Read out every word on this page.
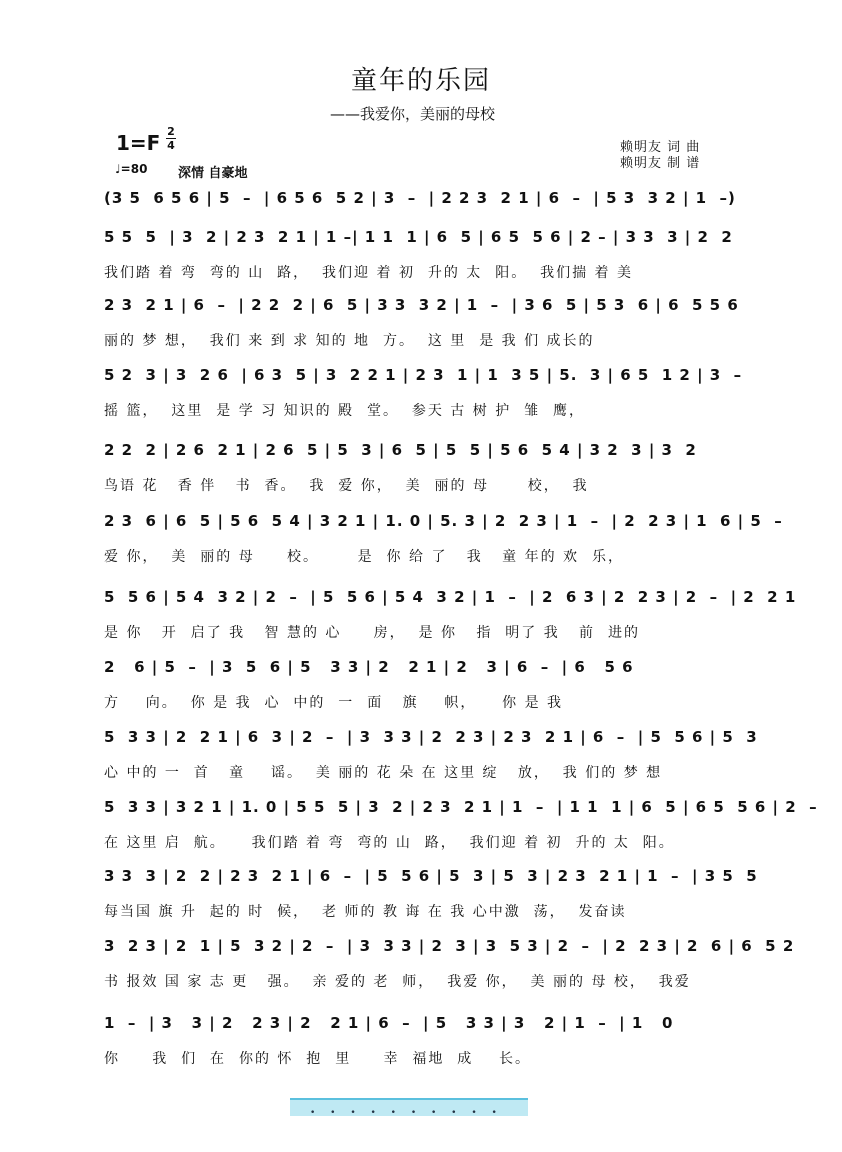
童年的乐园
——我爱你，美丽的母校
1=F 2
4
♩=80 深情 自豪地
赖明友 词 曲
赖明友 制 谱
(3 5  6 5 6 | 5  –  | 6 5 6  5 2 | 3  –  | 2 2 3  2 1 | 6  –  | 5 3  3 2 | 1  –)
5 5  5  | 3  2 | 2 3  2 1 | 1 –| 1 1  1 | 6  5 | 6 5  5 6 | 2 – | 3 3  3 | 2  2
我们踏 着 弯  弯的 山  路，  我们迎 着 初  升的 太  阳。  我们揣 着 美
2 3  2 1 | 6  –  | 2 2  2 | 6  5 | 3 3  3 2 | 1  –  | 3 6  5 | 5 3  6 | 6  5 5 6
丽的 梦 想，  我们 来 到 求 知的 地  方。  这 里  是 我 们 成长的
5 2  3 | 3  2 6  | 6 3  5 | 3  2 2 1 | 2 3  1 | 1  3 5 | 5.  3 | 6 5  1 2 | 3  –
摇 篮，  这里  是 学 习 知识的 殿  堂。  参天 古 树 护  雏  鹰，
2 2  2 | 2 6  2 1 | 2 6  5 | 5  3 | 6  5 | 5  5 | 5 6  5 4 | 3 2  3 | 3  2
鸟语 花   香 伴   书  香。  我  爱 你，  美  丽的 母      校，  我
2 3  6 | 6  5 | 5 6  5 4 | 3 2 1 | 1. 0 | 5. 3 | 2  2 3 | 1  –  | 2  2 3 | 1  6 | 5  –
爱 你，  美  丽的 母     校。      是  你 给 了   我   童 年的 欢  乐，
5  5 6 | 5 4  3 2 | 2  –  | 5  5 6 | 5 4  3 2 | 1  –  | 2  6 3 | 2  2 3 | 2  –  | 2  2 1
是 你   开  启了 我   智 慧的 心     房，  是 你   指  明了 我   前  进的
2   6 | 5  –  | 3  5  6 | 5   3 3 | 2   2 1 | 2   3 | 6  –  | 6   5 6
方    向。  你 是 我  心  中的  一  面   旗    帜，    你 是 我
5  3 3 | 2  2 1 | 6  3 | 2  –  | 3  3 3 | 2  2 3 | 2 3  2 1 | 6  –  | 5  5 6 | 5  3
心 中的 一  首   童    谣。  美 丽的 花 朵 在 这里 绽   放，  我 们的 梦 想
5  3 3 | 3 2 1 | 1. 0 | 5 5  5 | 3  2 | 2 3  2 1 | 1  –  | 1 1  1 | 6  5 | 6 5  5 6 | 2  –
在 这里 启  航。    我们踏 着 弯  弯的 山  路，  我们迎 着 初  升的 太  阳。
3 3  3 | 2  2 | 2 3  2 1 | 6  –  | 5  5 6 | 5  3 | 5  3 | 2 3  2 1 | 1  –  | 3 5  5
每当国 旗 升  起的 时  候，  老 师的 教 诲 在 我 心中激  荡，  发奋读
3  2 3 | 2  1 | 5  3 2 | 2  –  | 3  3 3 | 2  3 | 3  5 3 | 2  –  | 2  2 3 | 2  6 | 6  5 2
书 报效 国 家 志 更   强。  亲 爱的 老  师，  我爱 你，  美 丽的 母 校，  我爱
1  –  | 3   3 | 2   2 3 | 2   2 1 | 6  –  | 5   3 3 | 3   2 | 1  –  | 1   0
你     我  们  在  你的 怀  抱  里     幸  福地  成    长。
• • • • • • • • • •
